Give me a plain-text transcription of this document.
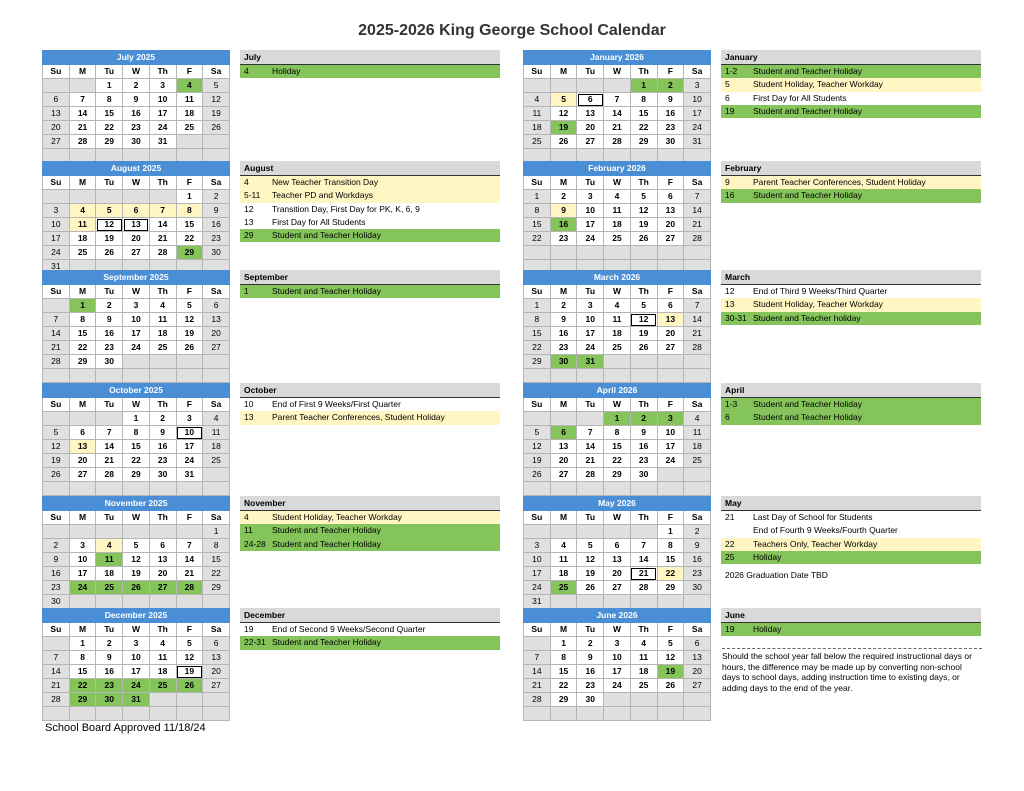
2025-2026 King George School Calendar
July 2025						
Su	M	Tu	W	Th	F	Sa
		1	2	3	4	5
6	7	8	9	10	11	12
13	14	15	16	17	18	19
20	21	22	23	24	25	26
27	28	29	30	31		

July
4	Holiday
August 2025						
Su	M	Tu	W	Th	F	Sa
					1	2
3	4	5	6	7	8	9
10	11	12	13	14	15	16
17	18	19	20	21	22	23
24	25	26	27	28	29	30
31						
August
4	New Teacher Transition Day
5-11	Teacher PD and Workdays
12	Transition Day, First Day for PK, K, 6, 9
13	First Day for All Students
29	Student and Teacher Holiday
September 2025						
Su	M	Tu	W	Th	F	Sa
	1	2	3	4	5	6
7	8	9	10	11	12	13
14	15	16	17	18	19	20
21	22	23	24	25	26	27
28	29	30				

September
1	Student and Teacher Holiday
October 2025						
Su	M	Tu	W	Th	F	Sa
			1	2	3	4
5	6	7	8	9	10	11
12	13	14	15	16	17	18
19	20	21	22	23	24	25
26	27	28	29	30	31	

October
10	End of First 9 Weeks/First Quarter
13	Parent Teacher Conferences, Student Holiday
November 2025						
Su	M	Tu	W	Th	F	Sa
						1
2	3	4	5	6	7	8
9	10	11	12	13	14	15
16	17	18	19	20	21	22
23	24	25	26	27	28	29
30						
November
4	Student Holiday, Teacher Workday
11	Student and Teacher Holiday
24-28 Student and Teacher Holiday
December 2025						
Su	M	Tu	W	Th	F	Sa
	1	2	3	4	5	6
7	8	9	10	11	12	13
14	15	16	17	18	19	20
21	22	23	24	25	26	27
28	29	30	31			

December
19	End of Second 9 Weeks/Second Quarter
22-31 Student and Teacher Holiday
January 2026						
Su	M	Tu	W	Th	F	Sa
				1	2	3
4	5	6	7	8	9	10
11	12	13	14	15	16	17
18	19	20	21	22	23	24
25	26	27	28	29	30	31

January
1-2	Student and Teacher Holiday
5	Student Holiday, Teacher Workday
6	First Day for All Students
19	Student and Teacher Holiday
February 2026						
Su	M	Tu	W	Th	F	Sa
1	2	3	4	5	6	7
8	9	10	11	12	13	14
15	16	17	18	19	20	21
22	23	24	25	26	27	28

February
9	Parent Teacher Conferences, Student Holiday
16	Student and Teacher Holiday
March 2026						
Su	M	Tu	W	Th	F	Sa
1	2	3	4	5	6	7
8	9	10	11	12	13	14
15	16	17	18	19	20	21
22	23	24	25	26	27	28
29	30	31				

March
12	End of Third 9 Weeks/Third Quarter
13	Student Holiday, Teacher Workday
30-31 Student and Teacher holiday
April 2026						
Su	M	Tu	W	Th	F	Sa
			1	2	3	4
5	6	7	8	9	10	11
12	13	14	15	16	17	18
19	20	21	22	23	24	25
26	27	28	29	30		

April
1-3	Student and Teacher Holiday
6	Student and Teacher Holiday
May 2026						
Su	M	Tu	W	Th	F	Sa
					1	2
3	4	5	6	7	8	9
10	11	12	13	14	15	16
17	18	19	20	21	22	23
24	25	26	27	28	29	30
31						
May
21	Last Day of School for Students
End of Fourth 9 Weeks/Fourth Quarter
22	Teachers Only, Teacher Workday
25	Holiday
2026 Graduation Date TBD
June 2026						
Su	M	Tu	W	Th	F	Sa
	1	2	3	4	5	6
7	8	9	10	11	12	13
14	15	16	17	18	19	20
21	22	23	24	25	26	27
28	29	30				

June
19	Holiday
Should the school year fall below the required instructional days or hours, the difference may be made up by converting non-school days to school days, adding instruction time to existing days, or adding days to the end of the year.
School Board Approved 11/18/24
